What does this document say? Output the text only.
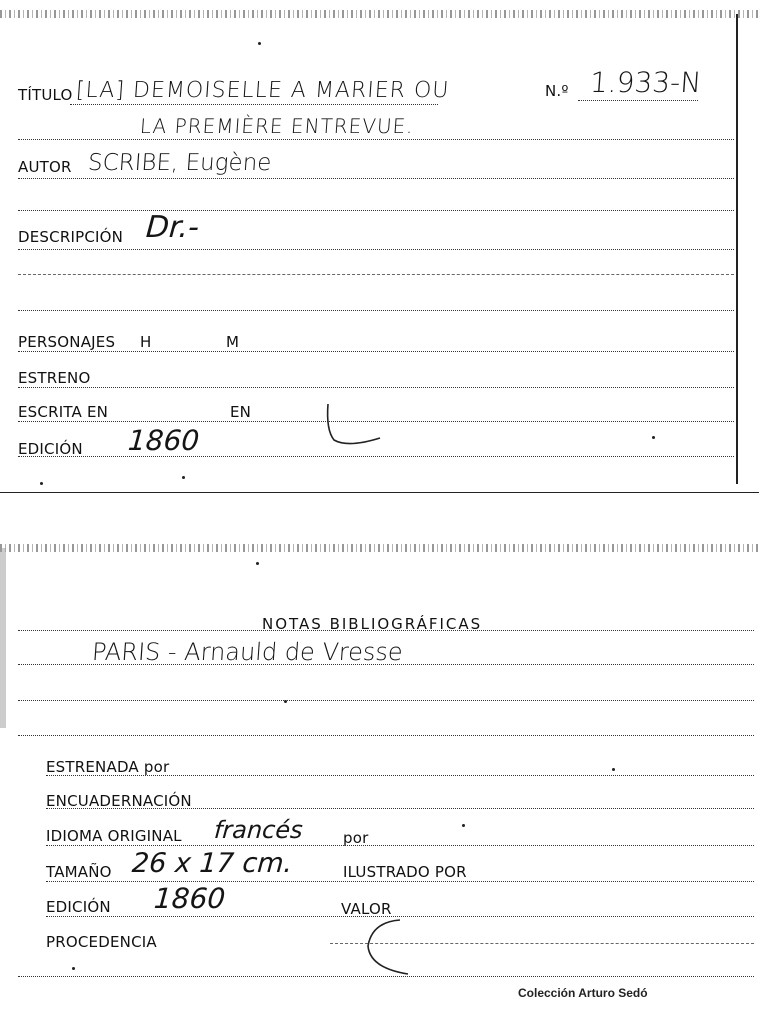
TÍTULO [LA] DEMOISELLE A MARIER OU	N.º 1.933-N
LA PREMIÈRE ENTREVUE.
AUTOR SCRIBE, Eugène
DESCRIPCIÓN Dr.-
PERSONAJES H	M
ESTRENO
ESCRITA EN	EN
EDICIÓN 1860
NOTAS BIBLIOGRÁFICAS
PARIS - Arnauld de Vresse
ESTRENADA por
ENCUADERNACIÓN
IDIOMA ORIGINAL francés	por
TAMAÑO 26 x 17 cm.	ILUSTRADO POR
EDICIÓN 1860	VALOR
PROCEDENCIA
Colección Arturo Sedó
